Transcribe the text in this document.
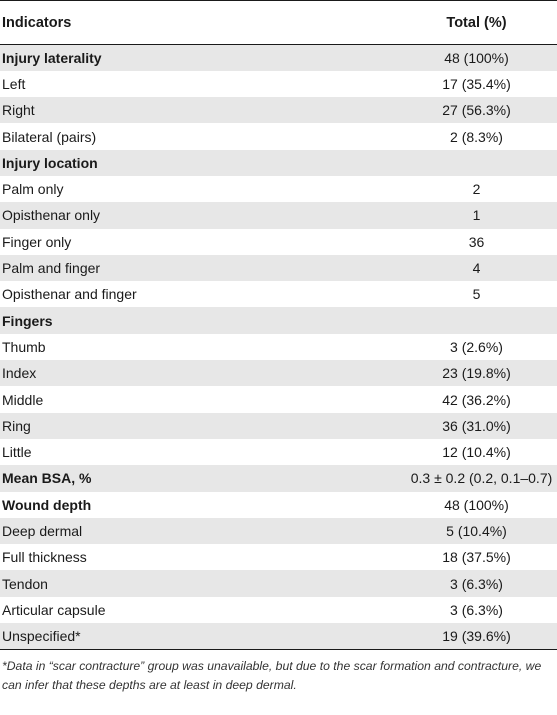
Indicators	Total (%)
Injury laterality	48 (100%)
Left	17 (35.4%)
Right	27 (56.3%)
Bilateral (pairs)	2 (8.3%)
Injury location	
Palm only	2
Opisthenar only	1
Finger only	36
Palm and finger	4
Opisthenar and finger	5
Fingers	
Thumb	3 (2.6%)
Index	23 (19.8%)
Middle	42 (36.2%)
Ring	36 (31.0%)
Little	12 (10.4%)
Mean BSA, %	0.3 ± 0.2 (0.2, 0.1–0.7)
Wound depth	48 (100%)
Deep dermal	5 (10.4%)
Full thickness	18 (37.5%)
Tendon	3 (6.3%)
Articular capsule	3 (6.3%)
Unspecified*	19 (39.6%)

*Data in “scar contracture” group was unavailable, but due to the scar formation and contracture, we can infer that these depths are at least in deep dermal.
